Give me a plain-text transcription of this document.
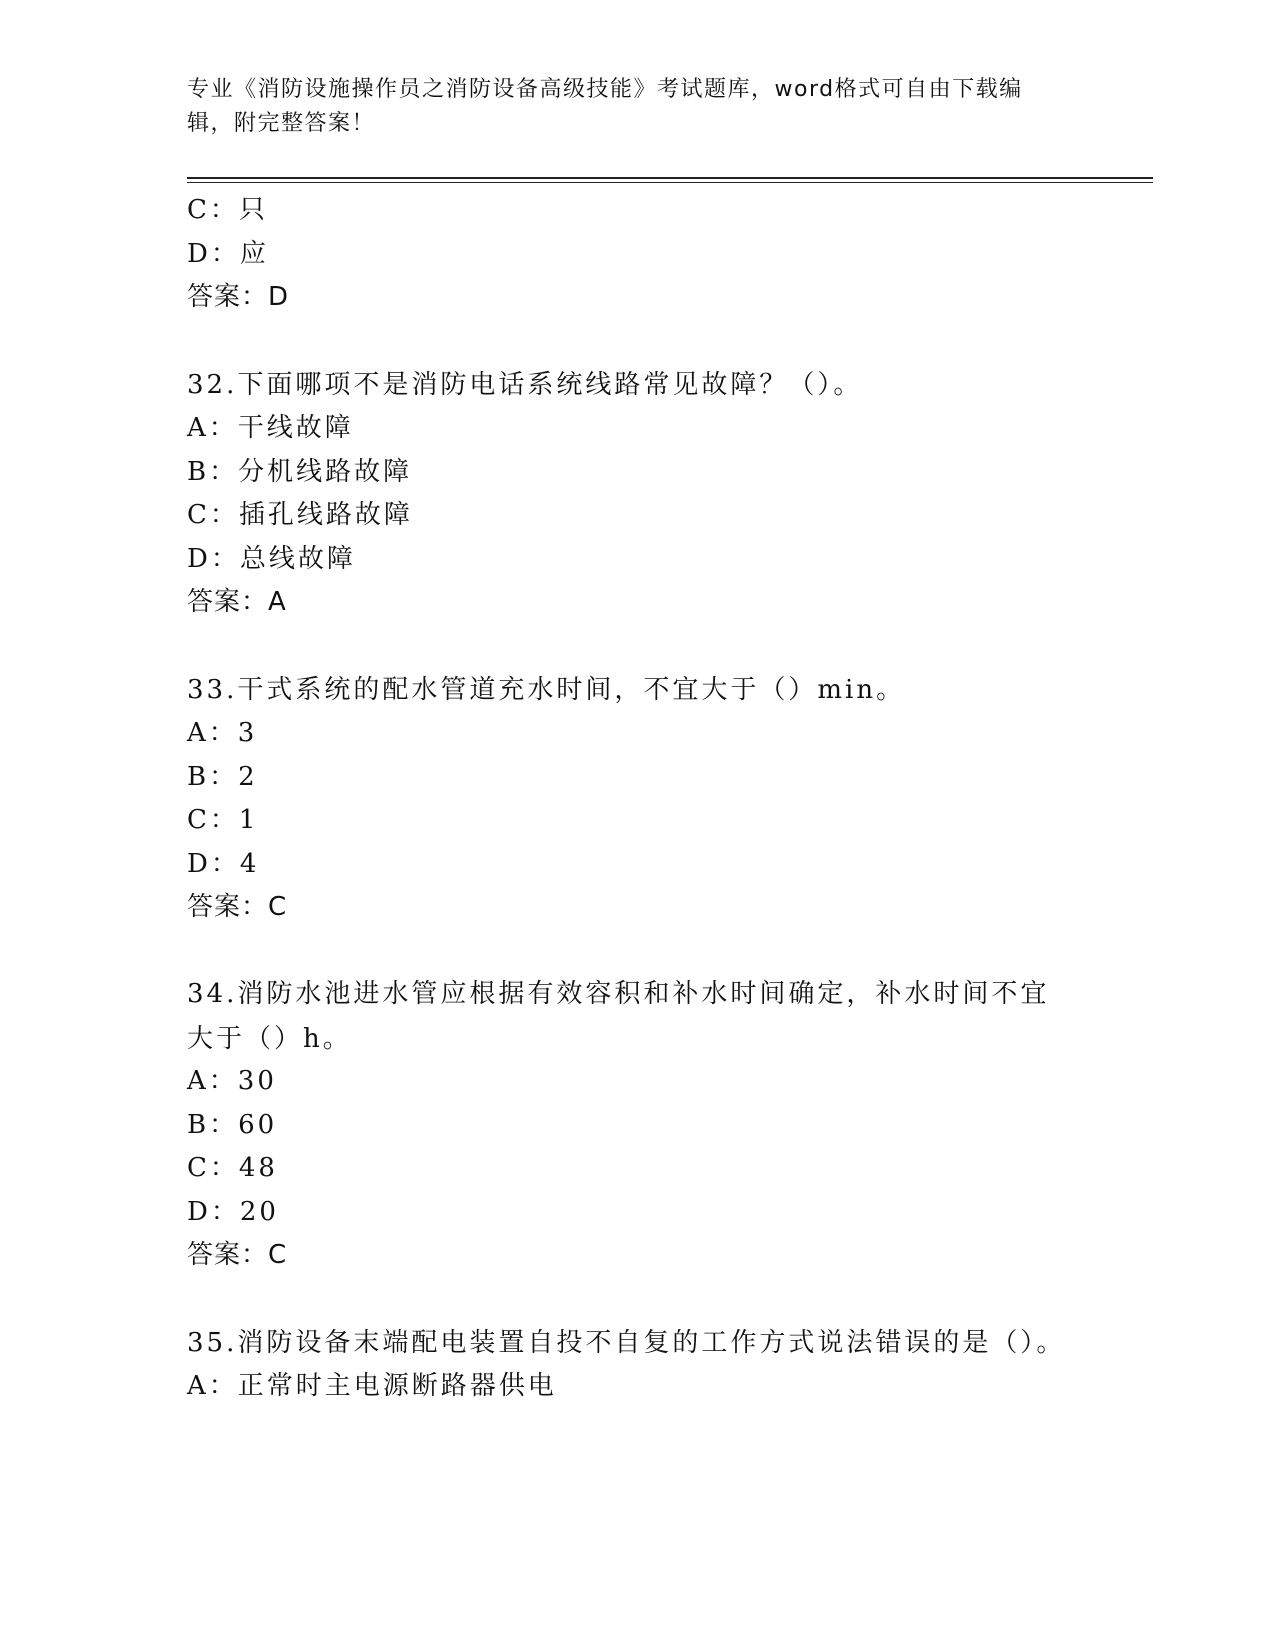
专业《消防设施操作员之消防设备高级技能》考试题库，word格式可自由下载编辑，附完整答案！
C：只
D：应
答案：D
32.下面哪项不是消防电话系统线路常见故障？（）。
A：干线故障
B：分机线路故障
C：插孔线路故障
D：总线故障
答案：A
33.干式系统的配水管道充水时间，不宜大于（）min。
A：3
B：2
C：1
D：4
答案：C
34.消防水池进水管应根据有效容积和补水时间确定，补水时间不宜大于（）h。
A：30
B：60
C：48
D：20
答案：C
35.消防设备末端配电装置自投不自复的工作方式说法错误的是（）。
A：正常时主电源断路器供电
